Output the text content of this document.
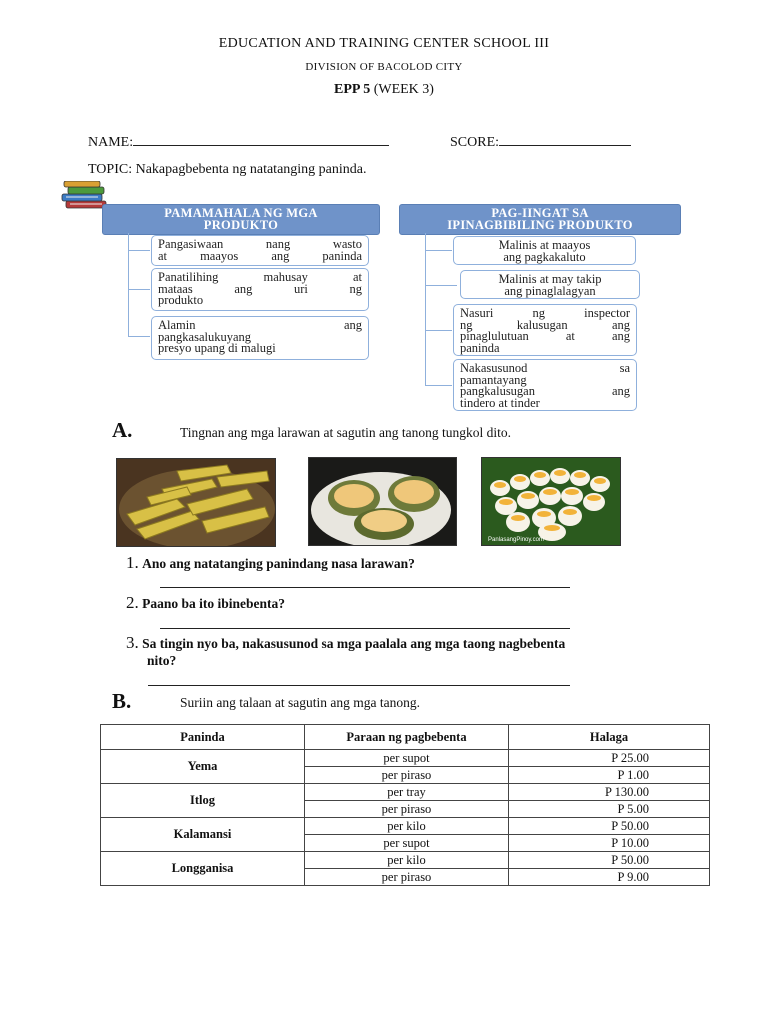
EDUCATION AND TRAINING CENTER SCHOOL III
DIVISION OF BACOLOD CITY
EPP 5 (WEEK 3)
NAME:	SCORE:
TOPIC: Nakapagbebenta ng natatanging paninda.
PAMAMAHALA NG MGA
PRODUKTO
Pangasiwaan nang wasto
at maayos ang paninda
Panatilihing mahusay at
mataas ang uri ng
produkto
Alamin ang
pangkasalukuyang
presyo upang di malugi
PAG-IINGAT SA
IPINAGBIBILING PRODUKTO
Malinis at maayos
ang pagkakaluto
Malinis at may takip
ang pinaglalagyan
Nasuri ng inspector
ng kalusugan ang
pinaglulutuan at ang
paninda
Nakasusunod sa
pamantayang
pangkalusugan ang
tindero at tinder
A.	Tingnan ang mga larawan at sagutin ang tanong tungkol dito.
PanlasangPinoy.com
1. Ano ang natatanging panindang nasa larawan?
2. Paano ba ito ibinebenta?
3. Sa tingin nyo ba, nakasusunod sa mga paalala ang mga taong nagbebenta
nito?
B.	Suriin ang talaan at sagutin ang mga tanong.
Paninda	Paraan ng pagbebenta	Halaga
Yema	per supot	P 25.00
	per piraso	P 1.00
Itlog	per tray	P 130.00
	per piraso	P 5.00
Kalamansi	per kilo	P 50.00
	per supot	P 10.00
Longganisa	per kilo	P 50.00
	per piraso	P 9.00
